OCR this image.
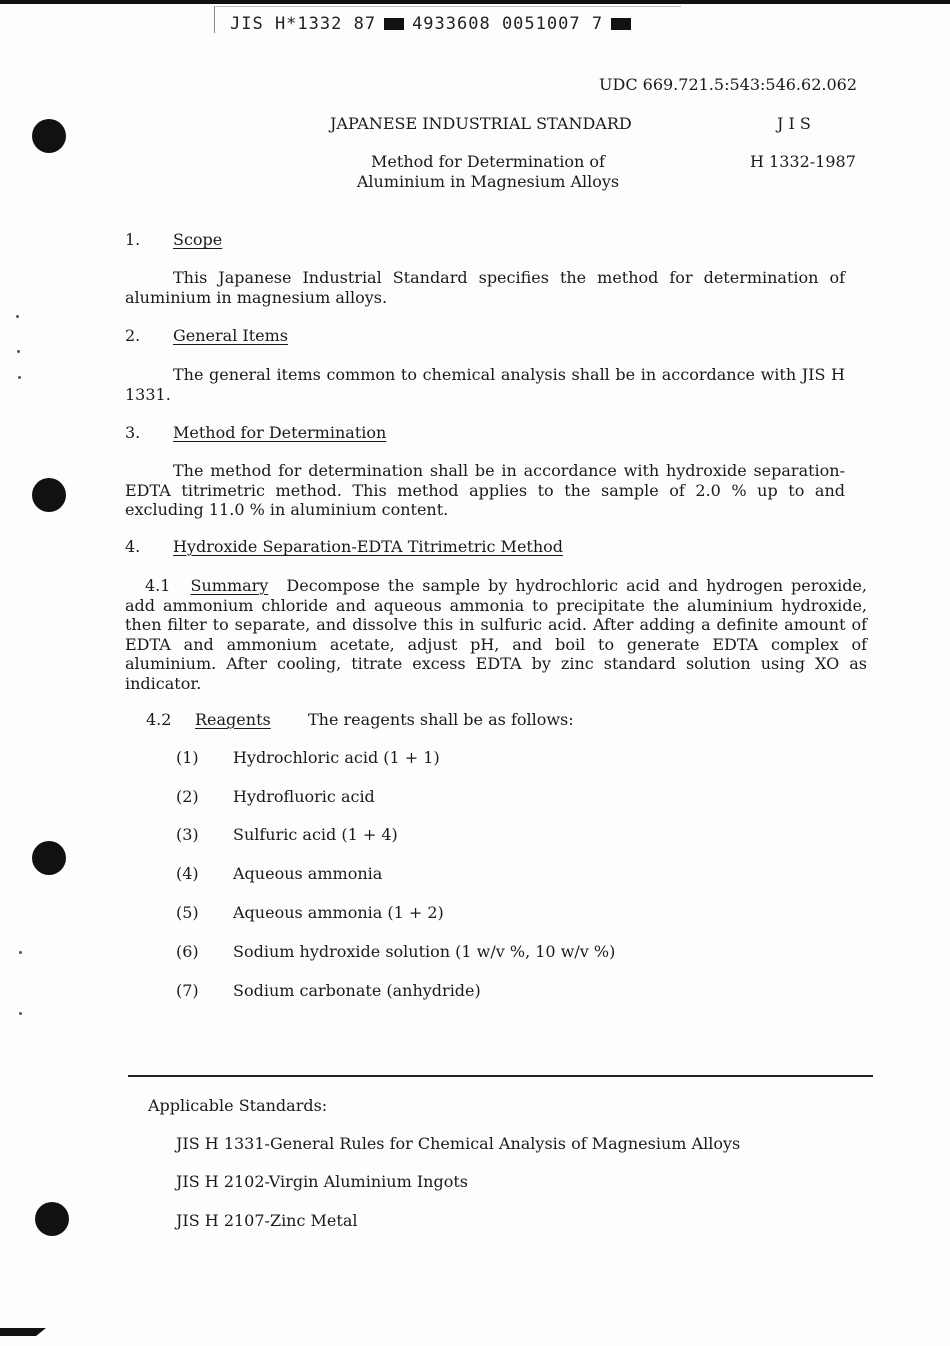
JIS H*1332 87 4933608 0051007 7
UDC 669.721.5:543:546.62.062
JAPANESE INDUSTRIAL STANDARD	J I S
Method for Determination of
Aluminium in Magnesium Alloys
H 1332-1987
1. Scope
This Japanese Industrial Standard specifies the method for determination of aluminium in magnesium alloys.
2. General Items
The general items common to chemical analysis shall be in accordance with JIS H 1331.
3. Method for Determination
The method for determination shall be in accordance with hydroxide separation-EDTA titrimetric method. This method applies to the sample of 2.0 % up to and excluding 11.0 % in aluminium content.
4. Hydroxide Separation-EDTA Titrimetric Method
4.1 Summary Decompose the sample by hydrochloric acid and hydrogen peroxide, add ammonium chloride and aqueous ammonia to precipitate the aluminium hydroxide, then filter to separate, and dissolve this in sulfuric acid. After adding a definite amount of EDTA and ammonium acetate, adjust pH, and boil to generate EDTA complex of aluminium. After cooling, titrate excess EDTA by zinc standard solution using XO as indicator.
4.2 Reagents The reagents shall be as follows:
(1) Hydrochloric acid (1 + 1)
(2) Hydrofluoric acid
(3) Sulfuric acid (1 + 4)
(4) Aqueous ammonia
(5) Aqueous ammonia (1 + 2)
(6) Sodium hydroxide solution (1 w/v %, 10 w/v %)
(7) Sodium carbonate (anhydride)
Applicable Standards:
JIS H 1331-General Rules for Chemical Analysis of Magnesium Alloys
JIS H 2102-Virgin Aluminium Ingots
JIS H 2107-Zinc Metal
